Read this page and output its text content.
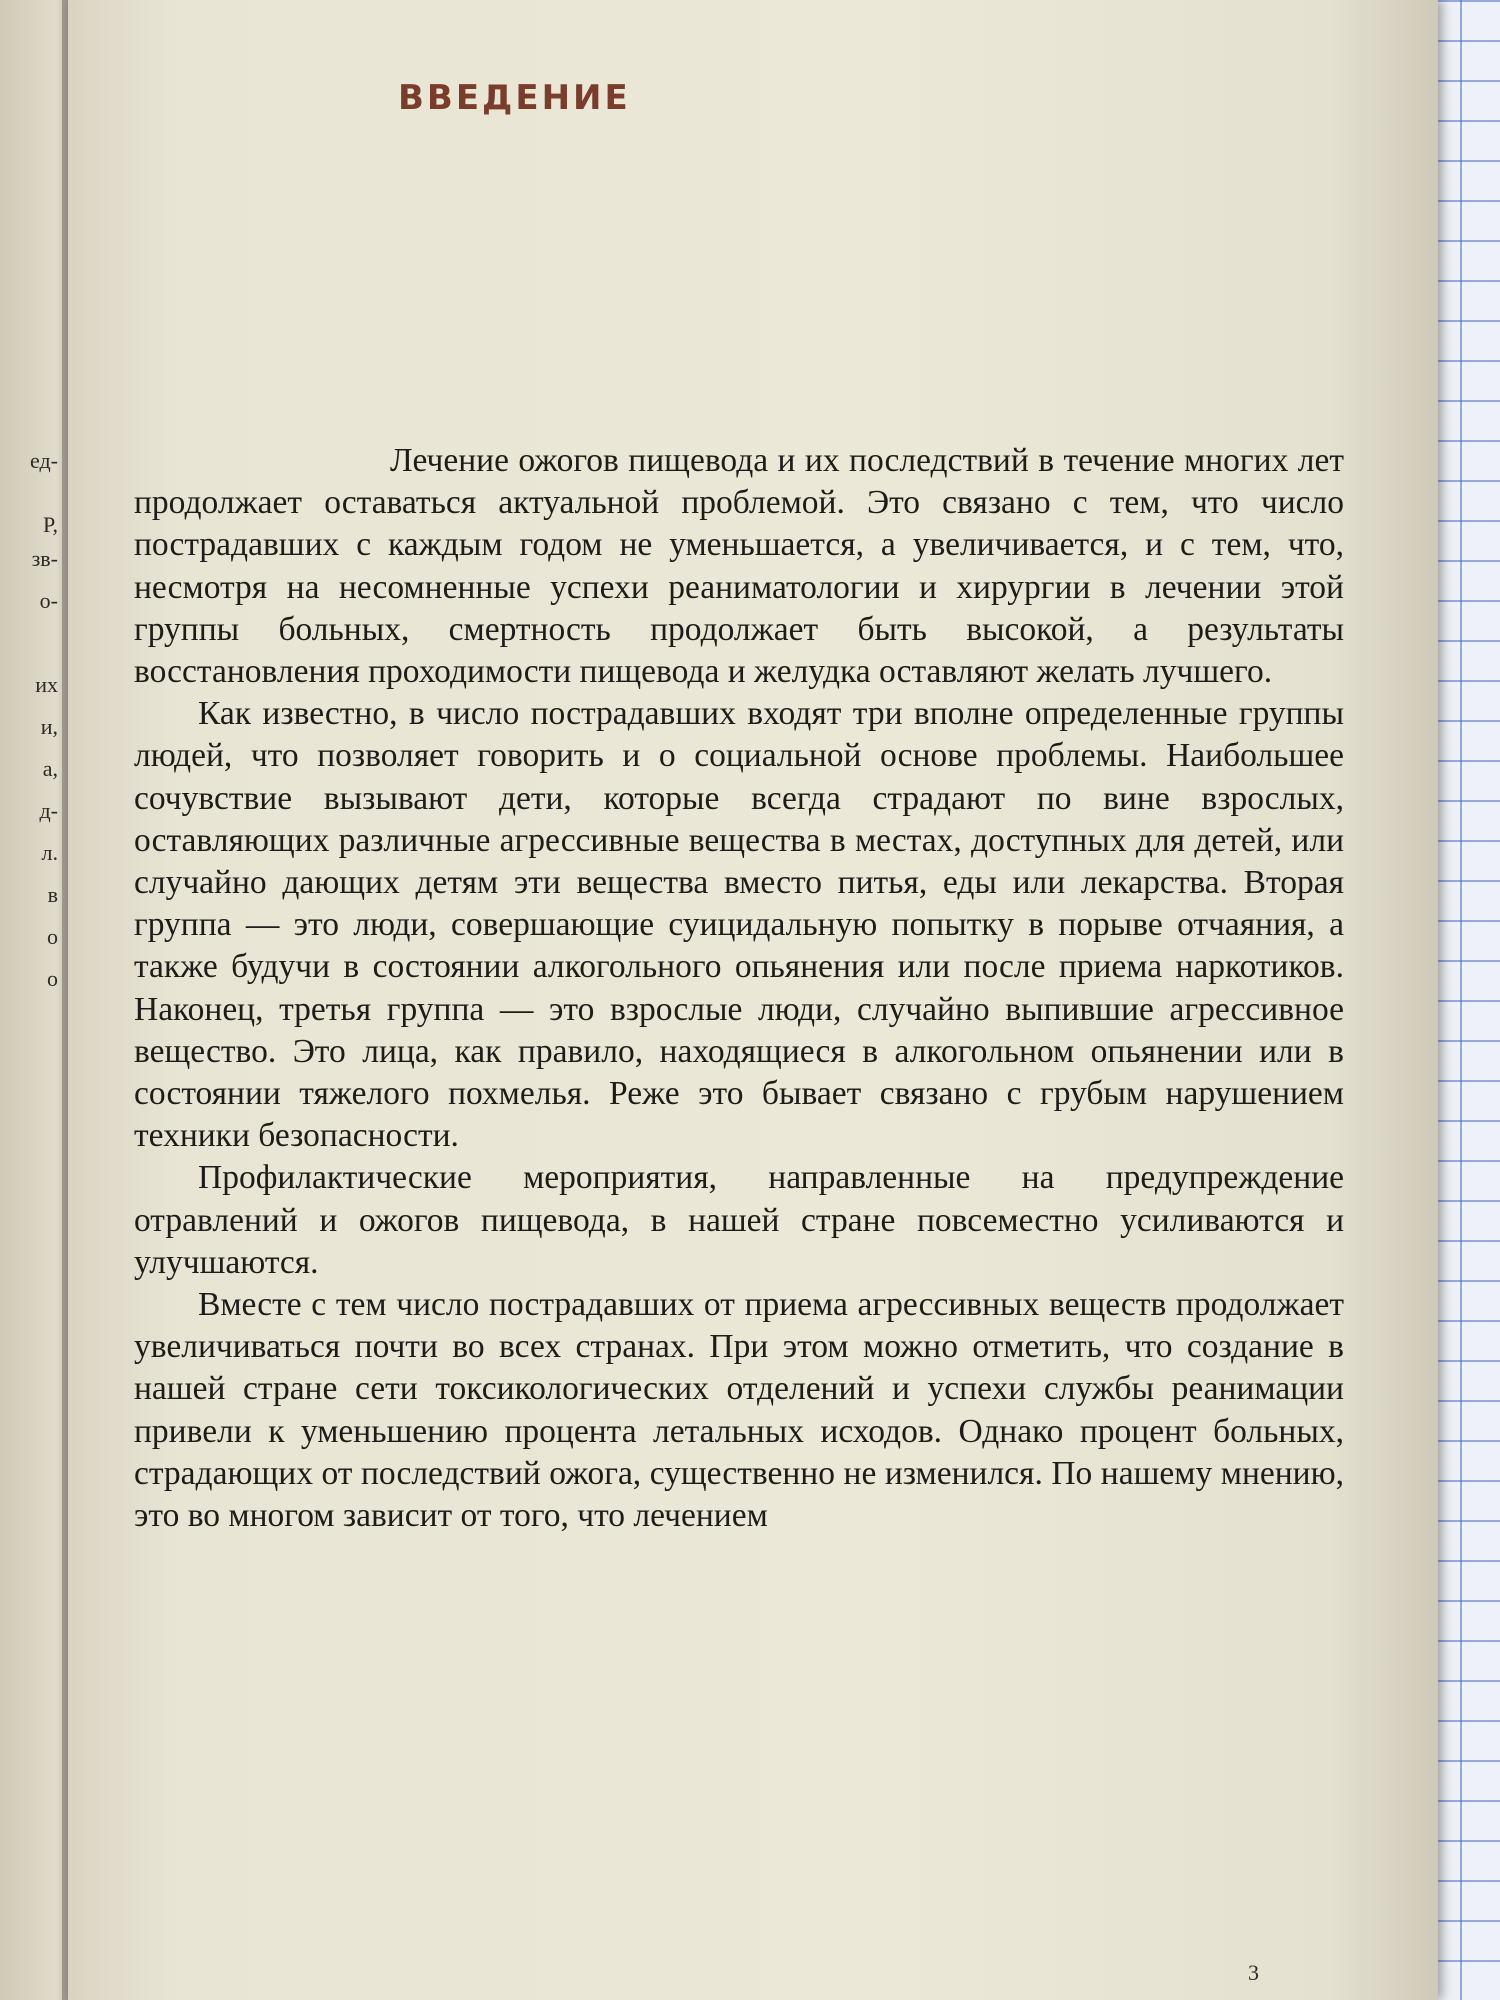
ед-
Р,
зв-
о-
их
и,
а,
д-
л.
в
о
о
ВВЕДЕНИЕ

Лечение ожогов пищевода и их последствий в течение многих лет продолжает оставаться актуальной проблемой. Это связано с тем, что число пострадавших с каждым годом не уменьшается, а увеличивается, и с тем, что, несмотря на несомненные успехи реаниматологии и хирургии в лечении этой группы больных, смертность продолжает быть высокой, а результаты восстановления проходимости пищевода и желудка оставляют желать лучшего.

Как известно, в число пострадавших входят три вполне определенные группы людей, что позволяет говорить и о социальной основе проблемы. Наибольшее сочувствие вызывают дети, которые всегда страдают по вине взрослых, оставляющих различные агрессивные вещества в местах, доступных для детей, или случайно дающих детям эти вещества вместо питья, еды или лекарства. Вторая группа — это люди, совершающие суицидальную попытку в порыве отчаяния, а также будучи в состоянии алкогольного опьянения или после приема наркотиков. Наконец, третья группа — это взрослые люди, случайно выпившие агрессивное вещество. Это лица, как правило, находящиеся в алкогольном опьянении или в состоянии тяжелого похмелья. Реже это бывает связано с грубым нарушением техники безопасности.

Профилактические мероприятия, направленные на предупреждение отравлений и ожогов пищевода, в нашей стране повсеместно усиливаются и улучшаются.

Вместе с тем число пострадавших от приема агрессивных веществ продолжает увеличиваться почти во всех странах. При этом можно отметить, что создание в нашей стране сети токсикологических отделений и успехи службы реанимации привели к уменьшению процента летальных исходов. Однако процент больных, страдающих от последствий ожога, существенно не изменился. По нашему мнению, это во многом зависит от того, что лечением

3
